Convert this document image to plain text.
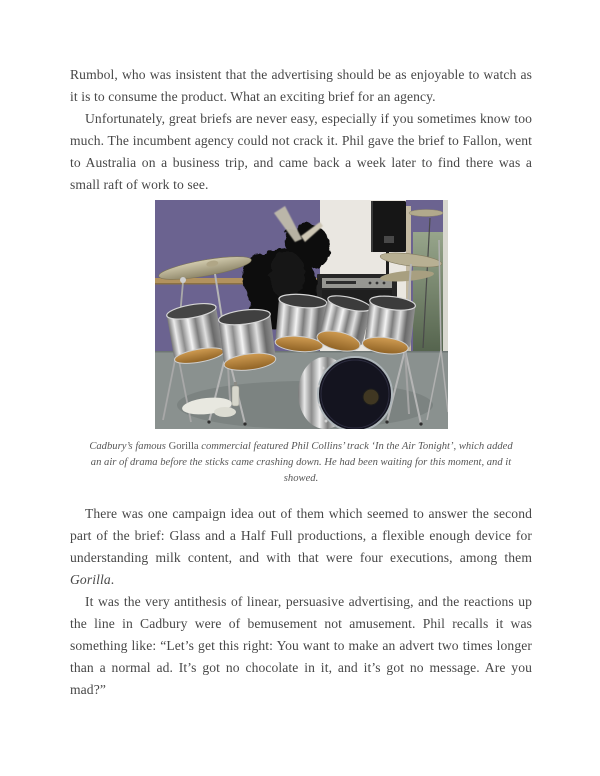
Rumbol, who was insistent that the advertising should be as enjoyable to watch as it is to consume the product. What an exciting brief for an agency.

Unfortunately, great briefs are never easy, especially if you sometimes know too much. The incumbent agency could not crack it. Phil gave the brief to Fallon, went to Australia on a business trip, and came back a week later to find there was a small raft of work to see.

Cadbury’s famous Gorilla commercial featured Phil Collins’ track ‘In the Air Tonight’, which added an air of drama before the sticks came crashing down. He had been waiting for this moment, and it showed.

There was one campaign idea out of them which seemed to answer the second part of the brief: Glass and a Half Full productions, a flexible enough device for understanding milk content, and with that were four executions, among them Gorilla.

It was the very antithesis of linear, persuasive advertising, and the reactions up the line in Cadbury were of bemusement not amusement. Phil recalls it was something like: “Let’s get this right: You want to make an advert two times longer than a normal ad. It’s got no chocolate in it, and it’s got no message. Are you mad?”
